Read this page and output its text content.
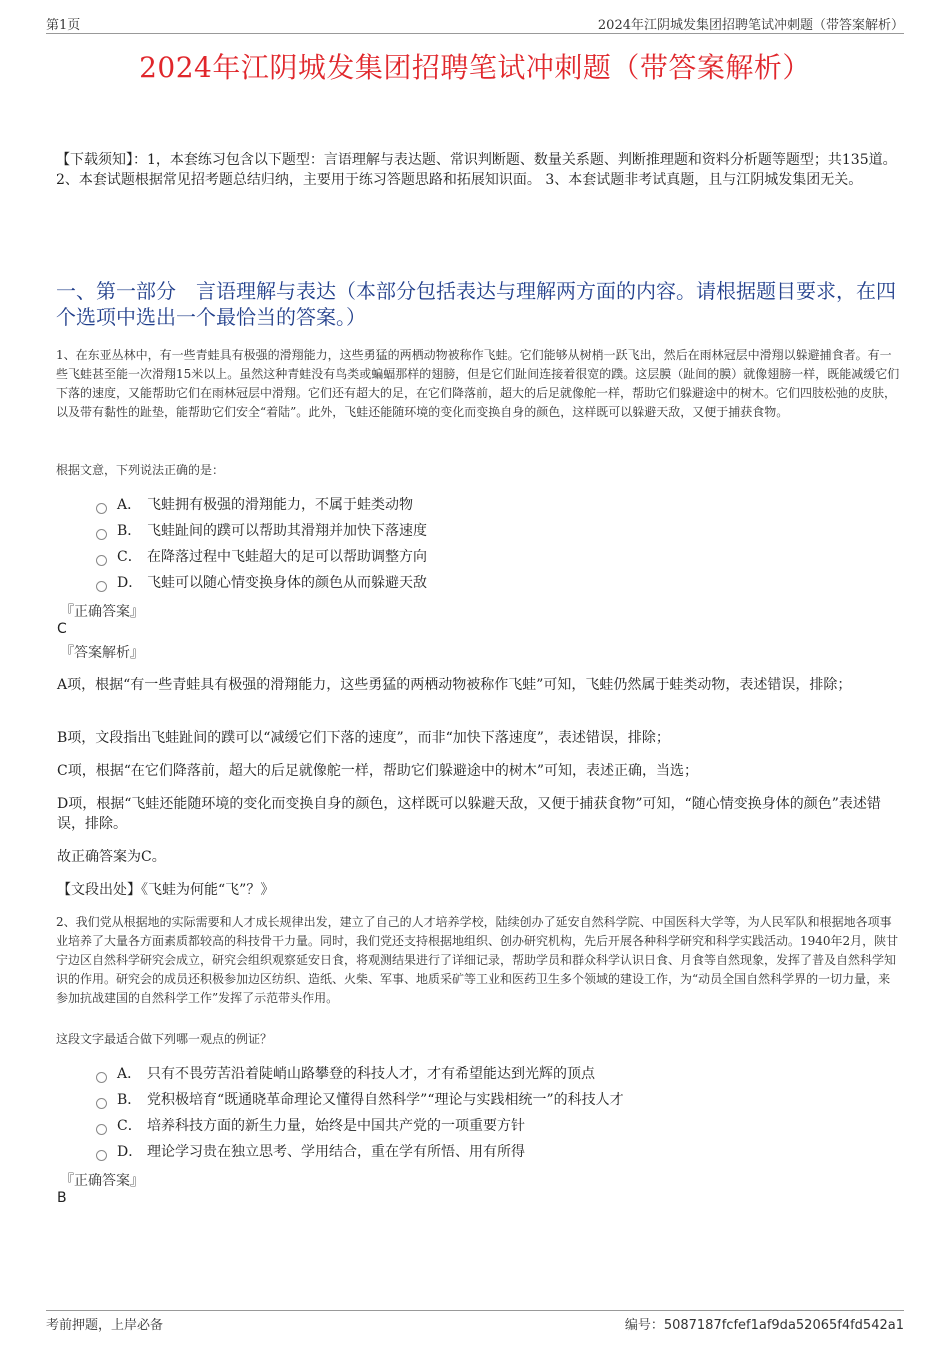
第1页	2024年江阴城发集团招聘笔试冲刺题（带答案解析）
2024年江阴城发集团招聘笔试冲刺题（带答案解析）
【下载须知】：1，本套练习包含以下题型：言语理解与表达题、常识判断题、数量关系题、判断推理题和资料分析题等题型；共135道。 2、本套试题根据常见招考题总结归纳，主要用于练习答题思路和拓展知识面。 3、本套试题非考试真题，且与江阴城发集团无关。
一、第一部分　言语理解与表达（本部分包括表达与理解两方面的内容。请根据题目要求，在四个选项中选出一个最恰当的答案。）
1、在东亚丛林中，有一些青蛙具有极强的滑翔能力，这些勇猛的两栖动物被称作飞蛙。它们能够从树梢一跃飞出，然后在雨林冠层中滑翔以躲避捕食者。有一些飞蛙甚至能一次滑翔15米以上。虽然这种青蛙没有鸟类或蝙蝠那样的翅膀，但是它们趾间连接着很宽的蹼。这层膜（趾间的膜）就像翅膀一样，既能减缓它们下落的速度，又能帮助它们在雨林冠层中滑翔。它们还有超大的足，在它们降落前，超大的后足就像舵一样，帮助它们躲避途中的树木。它们四肢松弛的皮肤，以及带有黏性的趾垫，能帮助它们安全“着陆”。此外，飞蛙还能随环境的变化而变换自身的颜色，这样既可以躲避天敌，又便于捕获食物。
根据文意，下列说法正确的是：
A． 飞蛙拥有极强的滑翔能力，不属于蛙类动物
B． 飞蛙趾间的蹼可以帮助其滑翔并加快下落速度
C． 在降落过程中飞蛙超大的足可以帮助调整方向
D． 飞蛙可以随心情变换身体的颜色从而躲避天敌
『正确答案』
C
『答案解析』
A项，根据“有一些青蛙具有极强的滑翔能力，这些勇猛的两栖动物被称作飞蛙”可知，飞蛙仍然属于蛙类动物，表述错误，排除；
B项，文段指出飞蛙趾间的蹼可以“减缓它们下落的速度”，而非“加快下落速度”，表述错误，排除；
C项，根据“在它们降落前，超大的后足就像舵一样，帮助它们躲避途中的树木”可知，表述正确，当选；
D项，根据“飞蛙还能随环境的变化而变换自身的颜色，这样既可以躲避天敌，又便于捕获食物”可知，“随心情变换身体的颜色”表述错误，排除。
故正确答案为C。
【文段出处】《飞蛙为何能“飞”？》
2、我们党从根据地的实际需要和人才成长规律出发，建立了自己的人才培养学校，陆续创办了延安自然科学院、中国医科大学等，为人民军队和根据地各项事业培养了大量各方面素质都较高的科技骨干力量。同时，我们党还支持根据地组织、创办研究机构，先后开展各种科学研究和科学实践活动。1940年2月，陕甘宁边区自然科学研究会成立，研究会组织观察延安日食，将观测结果进行了详细记录，帮助学员和群众科学认识日食、月食等自然现象，发挥了普及自然科学知识的作用。研究会的成员还积极参加边区纺织、造纸、火柴、军事、地质采矿等工业和医药卫生多个领域的建设工作，为“动员全国自然科学界的一切力量，来参加抗战建国的自然科学工作”发挥了示范带头作用。
这段文字最适合做下列哪一观点的例证？
A． 只有不畏劳苦沿着陡峭山路攀登的科技人才，才有希望能达到光辉的顶点
B． 党积极培育“既通晓革命理论又懂得自然科学”“理论与实践相统一”的科技人才
C． 培养科技方面的新生力量，始终是中国共产党的一项重要方针
D． 理论学习贵在独立思考、学用结合，重在学有所悟、用有所得
『正确答案』
B
考前押题，上岸必备	编号：5087187fcfef1af9da52065f4fd542a1
